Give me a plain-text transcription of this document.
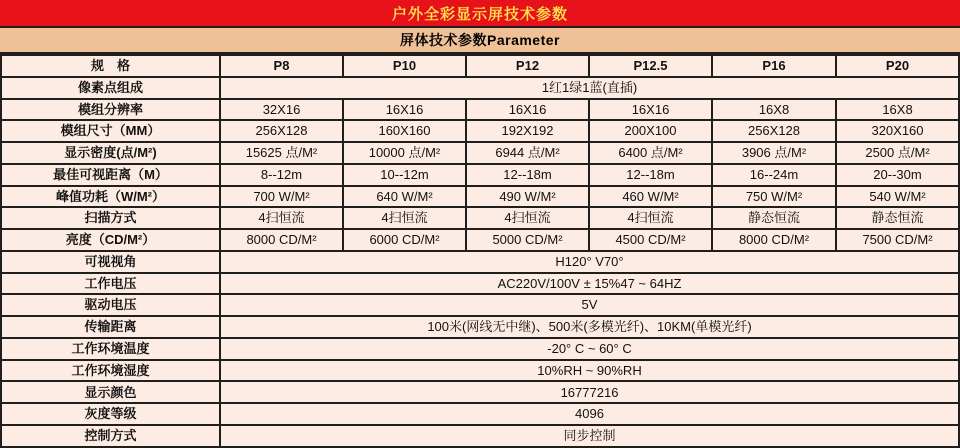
户外全彩显示屏技术参数
屏体技术参数Parameter
规　格	P8	P10	P12	P12.5	P16	P20
像素点组成	1红1绿1蓝(直插)					
模组分辨率	32X16	16X16	16X16	16X16	16X8	16X8
模组尺寸（MM）	256X128	160X160	192X192	200X100	256X128	320X160
显示密度(点/M²)	15625 点/M²	10000 点/M²	6944 点/M²	6400 点/M²	3906 点/M²	2500 点/M²
最佳可视距离（M）	8--12m	10--12m	12--18m	12--18m	16--24m	20--30m
峰值功耗（W/M²）	700 W/M²	640 W/M²	490 W/M²	460 W/M²	750 W/M²	540 W/M²
扫描方式	4扫恒流	4扫恒流	4扫恒流	4扫恒流	静态恒流	静态恒流
亮度（CD/M²）	8000 CD/M²	6000 CD/M²	5000 CD/M²	4500 CD/M²	8000 CD/M²	7500 CD/M²
可视视角	H120° V70°					
工作电压	AC220V/100V ± 15%47 ~ 64HZ					
驱动电压	5V					
传输距离	100米(网线无中继)、500米(多模光纤)、10KM(单模光纤)					
工作环境温度	-20° C ~ 60° C					
工作环境湿度	10%RH ~ 90%RH					
显示颜色	16777216					
灰度等级	4096					
控制方式	同步控制					
